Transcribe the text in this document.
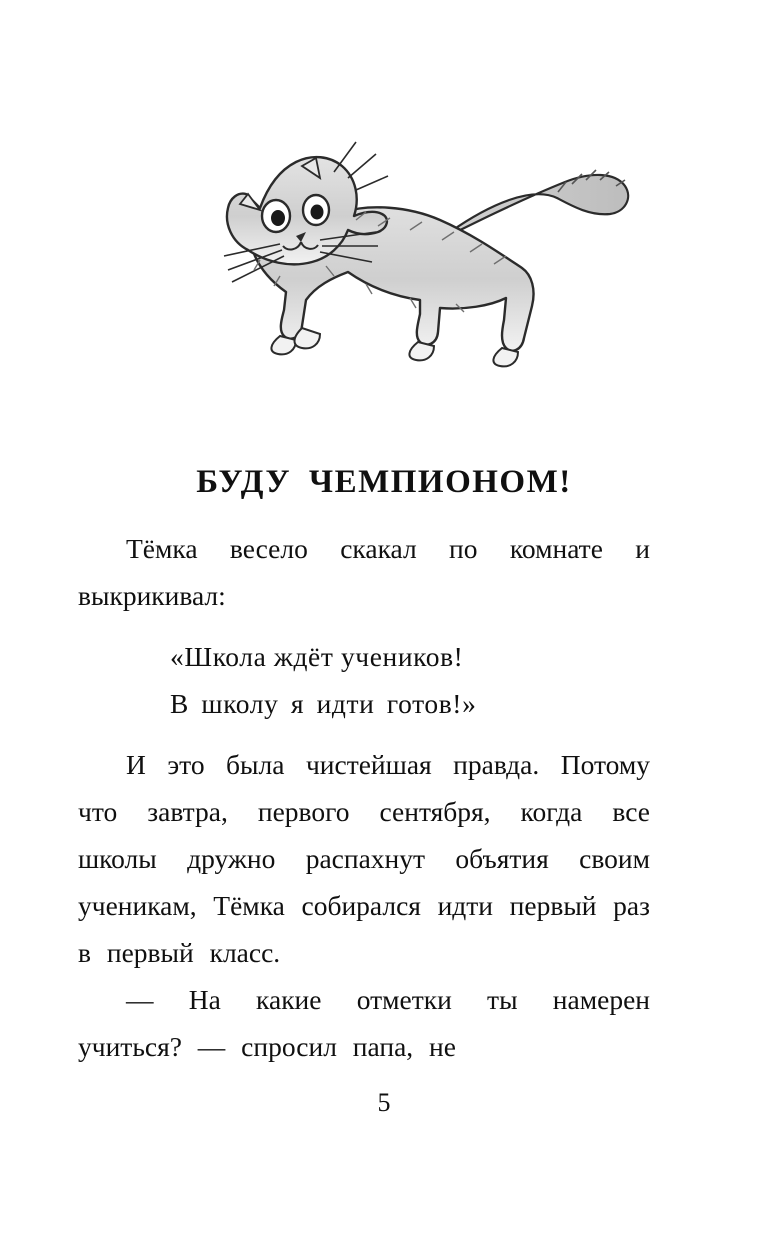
БУДУ ЧЕМПИОНОМ!

Тёмка весело скакал по комнате и выкрикивал:

«Школа ждёт учеников!
В школу я идти готов!»

И это была чистейшая правда. Потому что завтра, первого сентября, когда все школы дружно распахнут объятия своим ученикам, Тёмка собирался идти первый раз в первый класс.

— На какие отметки ты намерен учиться? — спросил папа, не

5
